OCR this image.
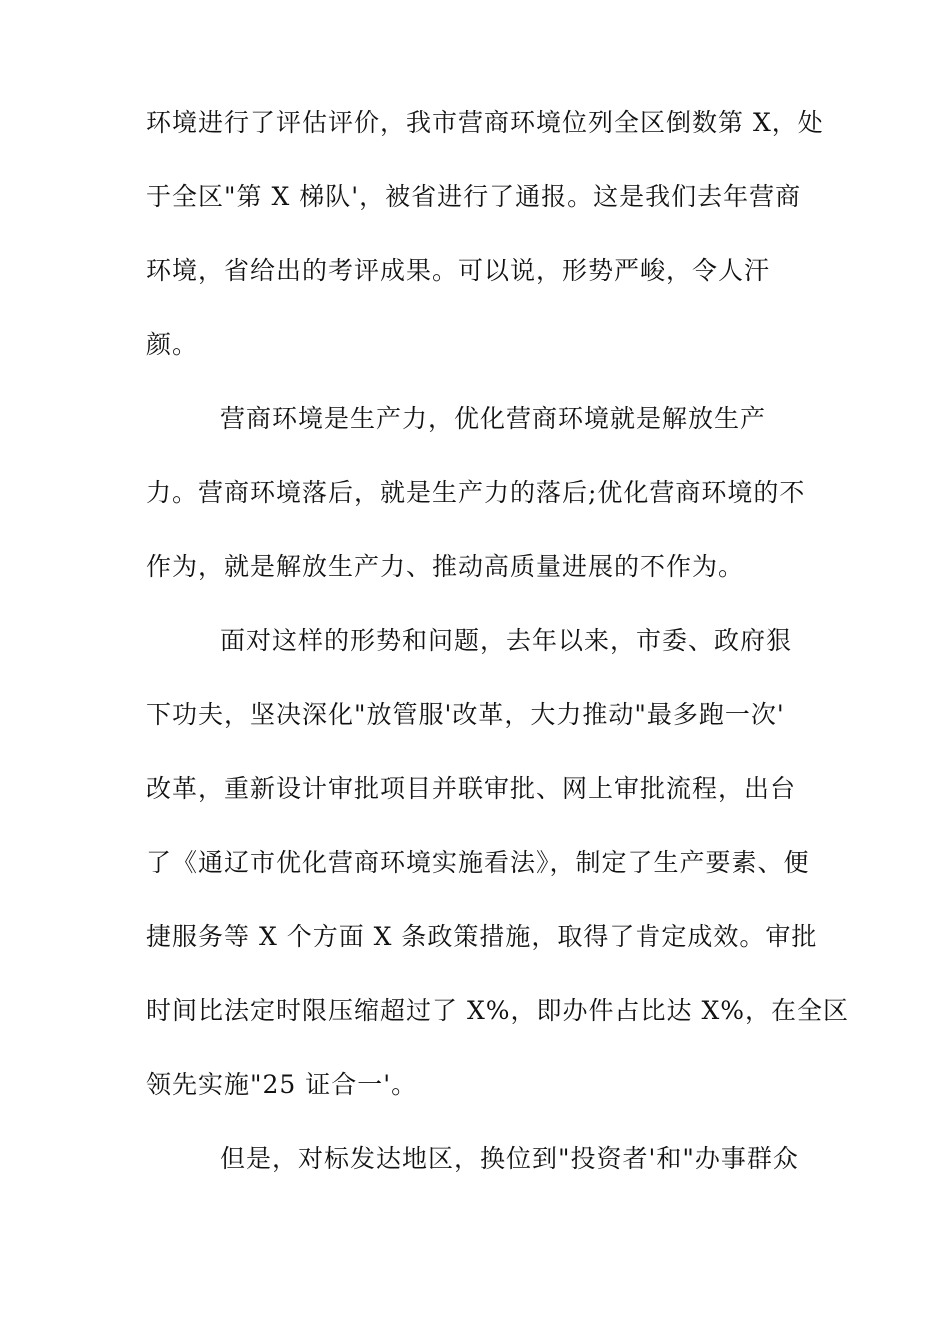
环境进行了评估评价，我市营商环境位列全区倒数第 X，处
于全区"第 X 梯队'，被省进行了通报。这是我们去年营商
环境，省给出的考评成果。可以说，形势严峻，令人汗
颜。
营商环境是生产力，优化营商环境就是解放生产
力。营商环境落后，就是生产力的落后;优化营商环境的不
作为，就是解放生产力、推动高质量进展的不作为。
面对这样的形势和问题，去年以来，市委、政府狠
下功夫，坚决深化"放管服'改革，大力推动"最多跑一次'
改革，重新设计审批项目并联审批、网上审批流程，出台
了《通辽市优化营商环境实施看法》，制定了生产要素、便
捷服务等 X 个方面 X 条政策措施，取得了肯定成效。审批
时间比法定时限压缩超过了 X%，即办件占比达 X%，在全区
领先实施"25 证合一'。
但是，对标发达地区，换位到"投资者'和"办事群众
